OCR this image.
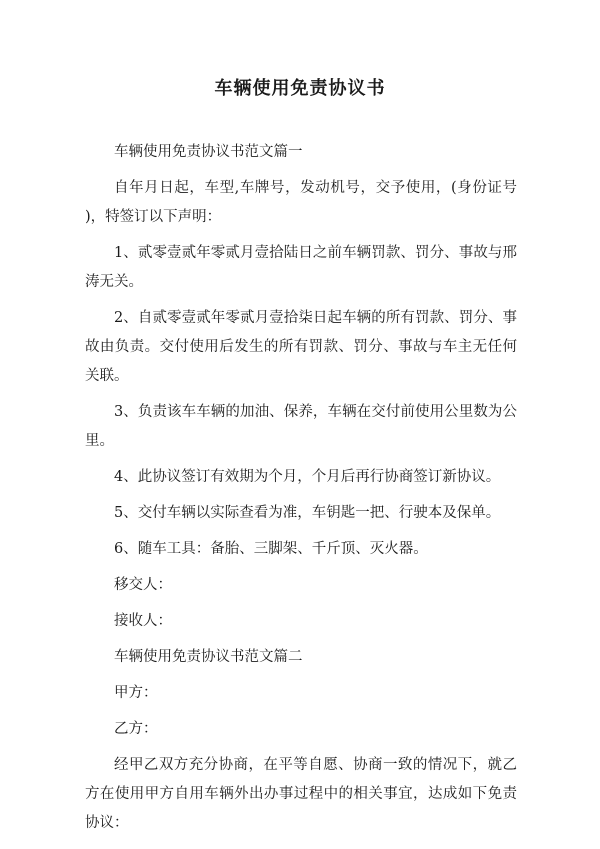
车辆使用免责协议书

车辆使用免责协议书范文篇一

自年月日起，车型,车牌号，发动机号，交予使用，(身份证号 )，特签订以下声明：

1、贰零壹贰年零贰月壹拾陆日之前车辆罚款、罚分、事故与邢涛无关。

2、自贰零壹贰年零贰月壹拾柒日起车辆的所有罚款、罚分、事故由负责。交付使用后发生的所有罚款、罚分、事故与车主无任何关联。

3、负责该车车辆的加油、保养，车辆在交付前使用公里数为公里。

4、此协议签订有效期为个月，个月后再行协商签订新协议。

5、交付车辆以实际查看为准，车钥匙一把、行驶本及保单。

6、随车工具：备胎、三脚架、千斤顶、灭火器。

移交人：

接收人：

车辆使用免责协议书范文篇二

甲方：

乙方：

经甲乙双方充分协商，在平等自愿、协商一致的情况下，就乙方在使用甲方自用车辆外出办事过程中的相关事宜，达成如下免责协议：
